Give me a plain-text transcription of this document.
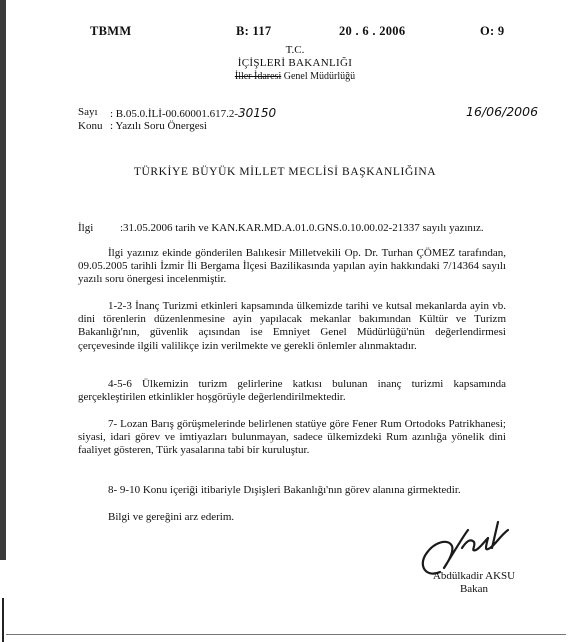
TBMM	B: 117	20 . 6 . 2006	O: 9
T.C.
İÇİŞLERİ BAKANLIĞI
İller İdaresi Genel Müdürlüğü
Sayı : B.05.0.İLİ-00.60001.617.2-30150	16/06/2006
Konu : Yazılı Soru Önergesi
TÜRKİYE BÜYÜK MİLLET MECLİSİ BAŞKANLIĞINA
İlgi :31.05.2006 tarih ve KAN.KAR.MD.A.01.0.GNS.0.10.00.02-21337 sayılı yazınız.
İlgi yazınız ekinde gönderilen Balıkesir Milletvekili Op. Dr. Turhan ÇÖMEZ tarafından, 09.05.2005 tarihli İzmir İli Bergama İlçesi Bazilikasında yapılan ayin hakkındaki 7/14364 sayılı yazılı soru önergesi incelenmiştir.
1-2-3 İnanç Turizmi etkinleri kapsamında ülkemizde tarihi ve kutsal mekanlarda ayin vb. dini törenlerin düzenlenmesine ayin yapılacak mekanlar bakımından Kültür ve Turizm Bakanlığı'nın, güvenlik açısından ise Emniyet Genel Müdürlüğü'nün değerlendirmesi çerçevesinde ilgili valilikçe izin verilmekte ve gerekli önlemler alınmaktadır.
4-5-6 Ülkemizin turizm gelirlerine katkısı bulunan inanç turizmi kapsamında gerçekleştirilen etkinlikler hoşgörüyle değerlendirilmektedir.
7- Lozan Barış görüşmelerinde belirlenen statüye göre Fener Rum Ortodoks Patrikhanesi; siyasi, idari görev ve imtiyazları bulunmayan, sadece ülkemizdeki Rum azınlığa yönelik dini faaliyet gösteren, Türk yasalarına tabi bir kuruluştur.
8- 9-10 Konu içeriği itibariyle Dışişleri Bakanlığı'nın görev alanına girmektedir.
Bilgi ve gereğini arz ederim.
Abdülkadir AKSU
Bakan
